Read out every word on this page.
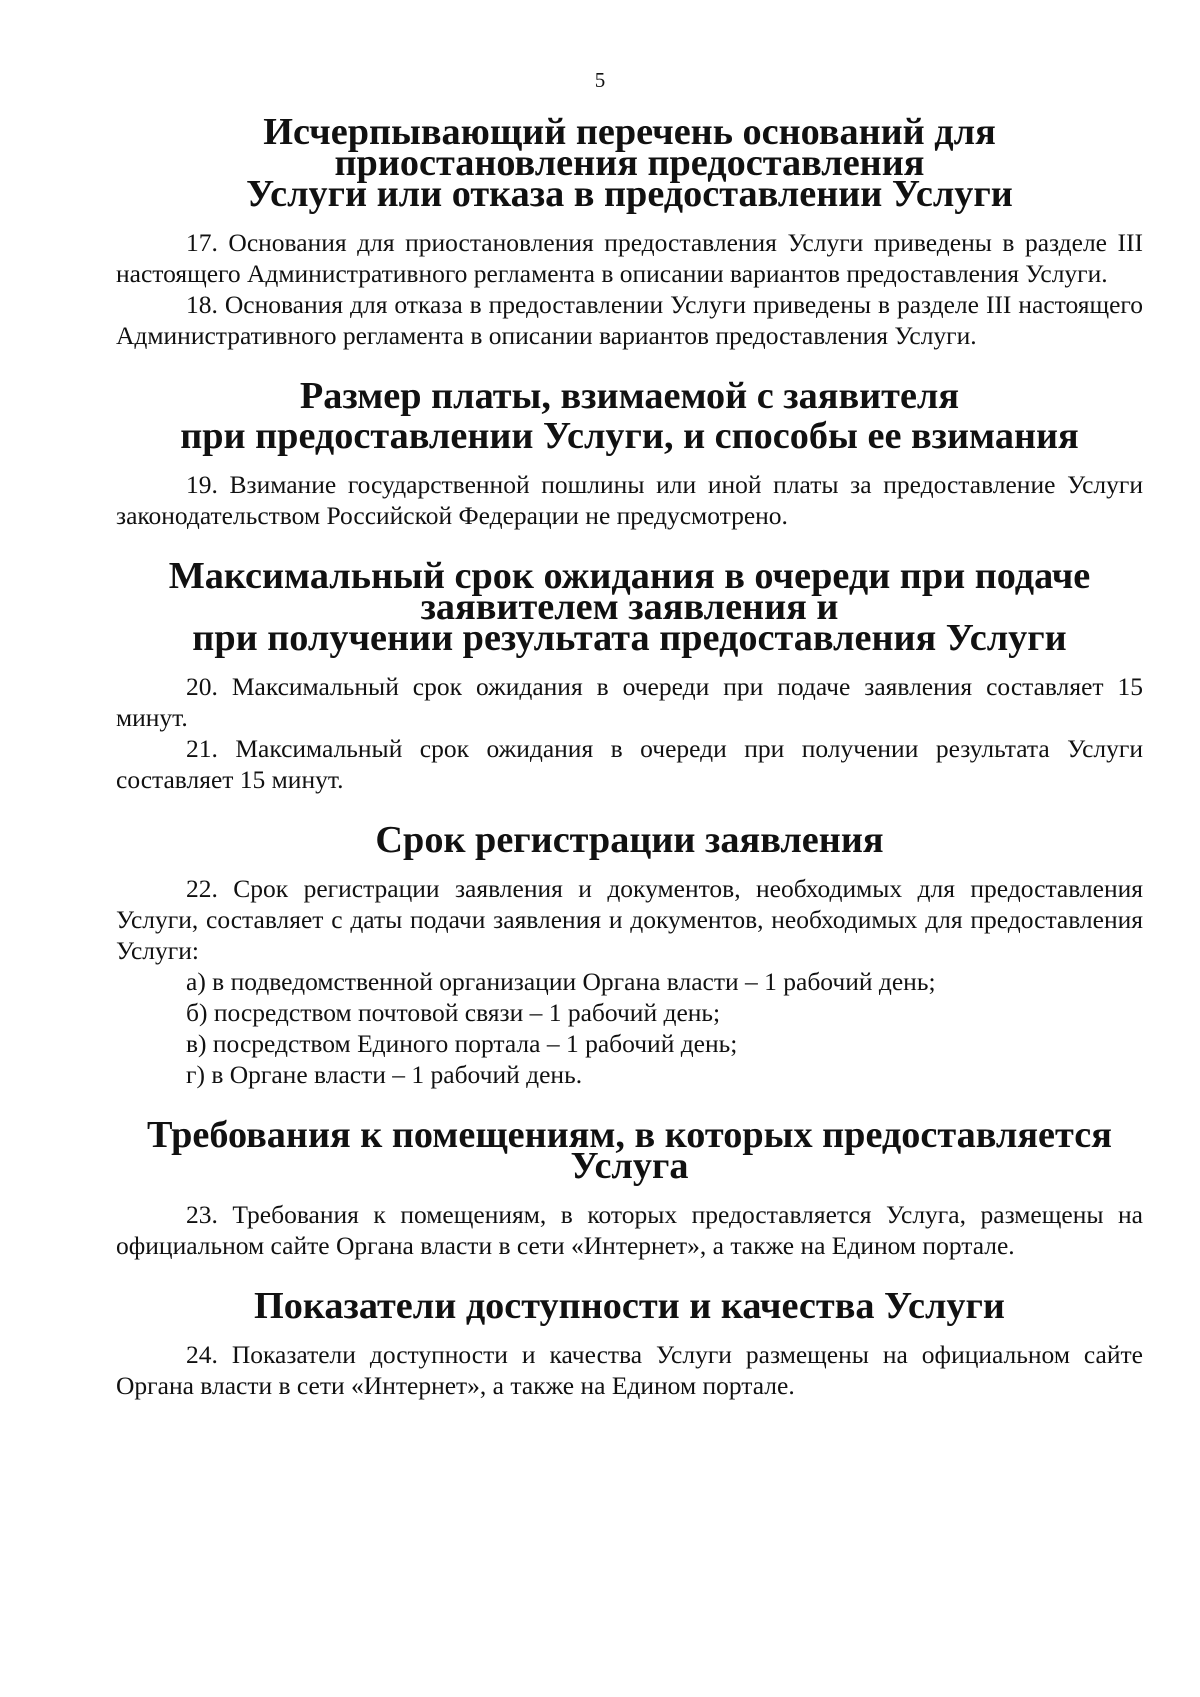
5
Исчерпывающий перечень оснований для приостановления предоставления
Услуги или отказа в предоставлении Услуги

17. Основания для приостановления предоставления Услуги приведены в разделе III настоящего Административного регламента в описании вариантов предоставления Услуги.

18. Основания для отказа в предоставлении Услуги приведены в разделе III настоящего Административного регламента в описании вариантов предоставления Услуги.

Размер платы, взимаемой с заявителя
при предоставлении Услуги, и способы ее взимания

19. Взимание государственной пошлины или иной платы за предоставление Услуги законодательством Российской Федерации не предусмотрено.

Максимальный срок ожидания в очереди при подаче заявителем заявления и
при получении результата предоставления Услуги

20. Максимальный срок ожидания в очереди при подаче заявления составляет 15 минут.

21. Максимальный срок ожидания в очереди при получении результата Услуги составляет 15 минут.

Срок регистрации заявления

22. Срок регистрации заявления и документов, необходимых для предоставления Услуги, составляет с даты подачи заявления и документов, необходимых для предоставления Услуги:

а) в подведомственной организации Органа власти – 1 рабочий день;

б) посредством почтовой связи – 1 рабочий день;

в) посредством Единого портала – 1 рабочий день;

г) в Органе власти – 1 рабочий день.

Требования к помещениям, в которых предоставляется Услуга

23. Требования к помещениям, в которых предоставляется Услуга, размещены на официальном сайте Органа власти в сети «Интернет», а также на Едином портале.

Показатели доступности и качества Услуги

24. Показатели доступности и качества Услуги размещены на официальном сайте Органа власти в сети «Интернет», а также на Едином портале.
